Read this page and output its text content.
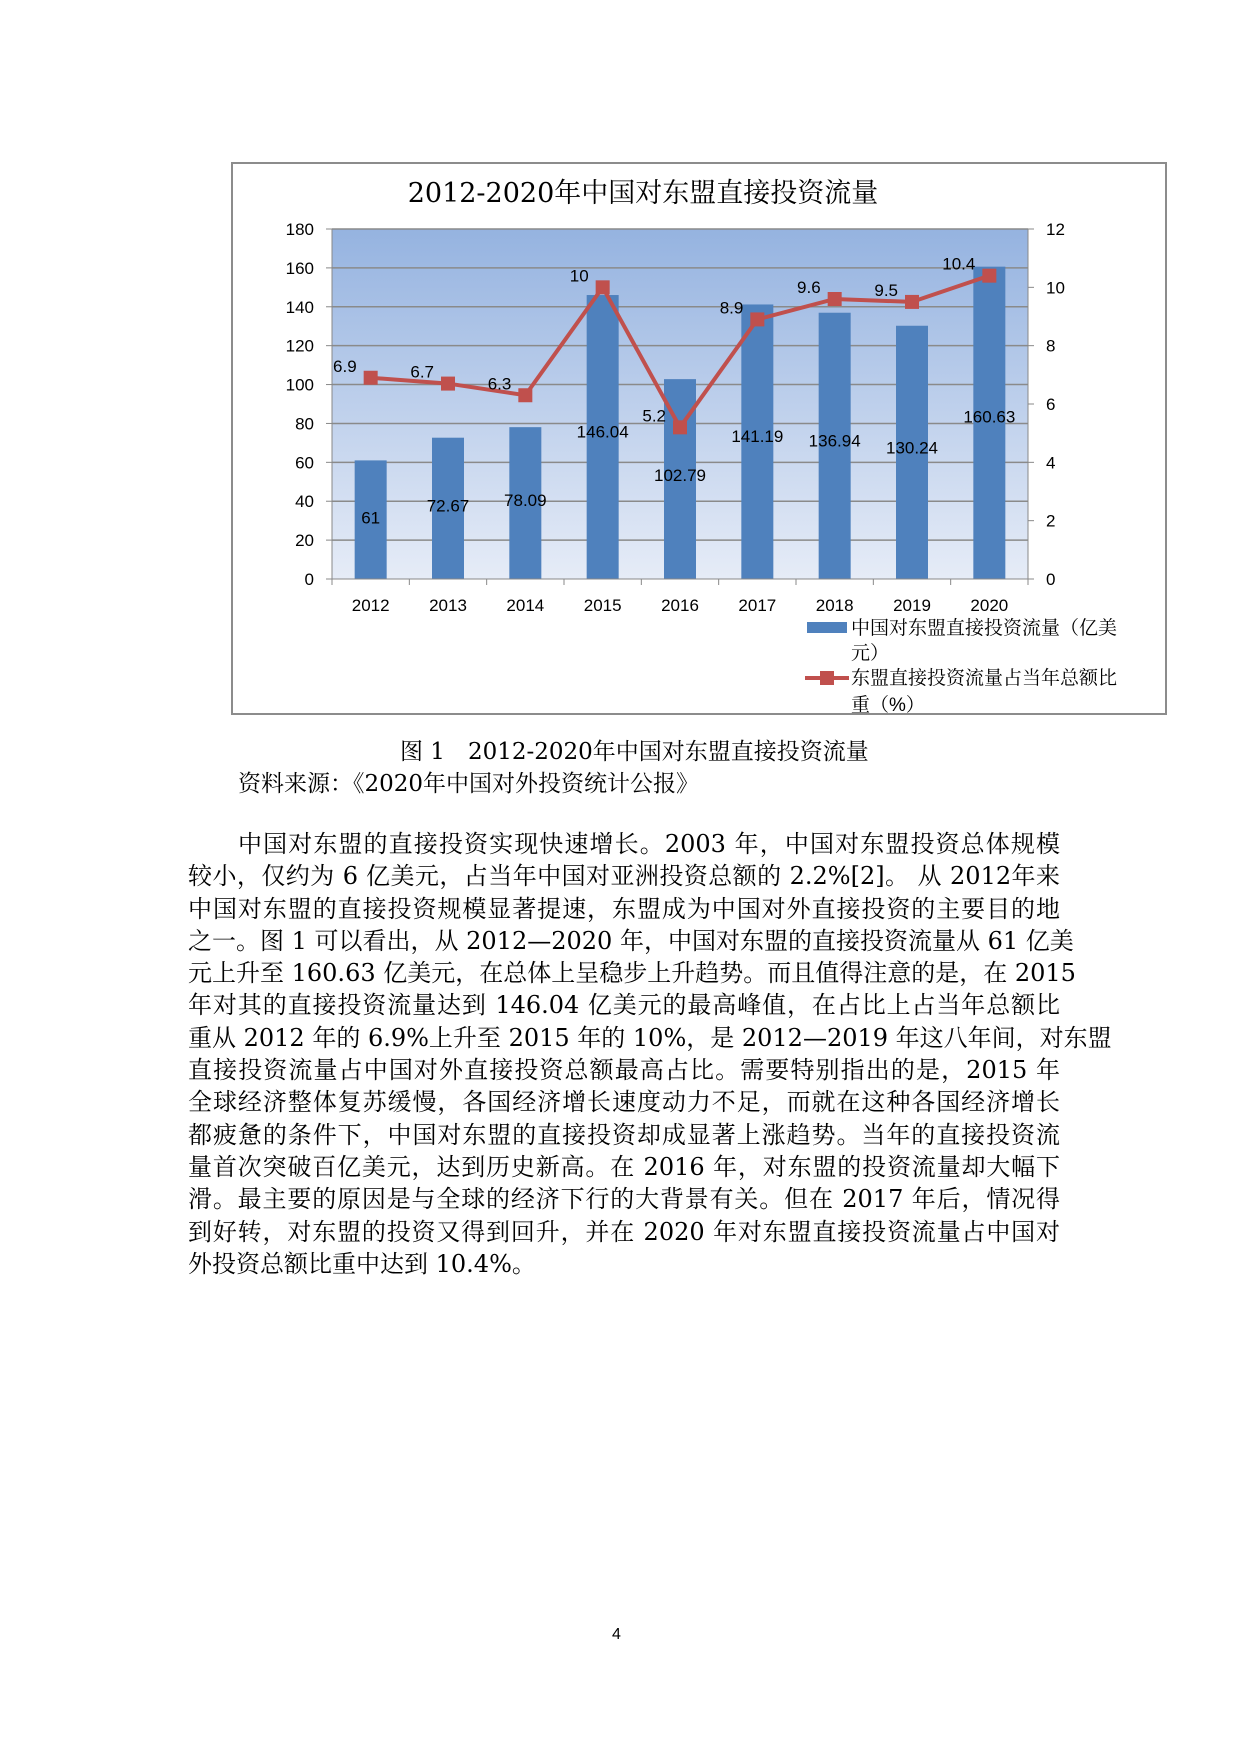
2012-2020年中国对东盟直接投资流量
0
20
40
60
80
100
120
140
160
180
0
2
4
6
8
10
12
2012 2013 2014 2015 2016 2017 2018 2019 2020
61
72.67 78.09
146.04
102.79
141.19 136.94 130.24
160.63
6.9	6.7
6.3
10
5.2
8.9
9.6	9.5
10.4
中国对东盟直接投资流量（亿美
元）
东盟直接投资流量占当年总额比
重（%）
图 1　2012-2020年中国对东盟直接投资流量
资料来源：《2020年中国对外投资统计公报》
中国对东盟的直接投资实现快速增长。2003 年，中国对东盟投资总体规模
较小，仅约为 6 亿美元，占当年中国对亚洲投资总额的 2.2%[2]。 从 2012年来
中国对东盟的直接投资规模显著提速，东盟成为中国对外直接投资的主要目的地
之一。图 1 可以看出，从 2012—2020 年，中国对东盟的直接投资流量从 61 亿美
元上升至 160.63 亿美元，在总体上呈稳步上升趋势。而且值得注意的是，在 2015
年对其的直接投资流量达到 146.04 亿美元的最高峰值，在占比上占当年总额比
重从 2012 年的 6.9%上升至 2015 年的 10%，是 2012—2019 年这八年间，对东盟
直接投资流量占中国对外直接投资总额最高占比。需要特别指出的是，2015 年
全球经济整体复苏缓慢，各国经济增长速度动力不足，而就在这种各国经济增长
都疲惫的条件下，中国对东盟的直接投资却成显著上涨趋势。当年的直接投资流
量首次突破百亿美元，达到历史新高。在 2016 年，对东盟的投资流量却大幅下
滑。最主要的原因是与全球的经济下行的大背景有关。但在 2017 年后，情况得
到好转，对东盟的投资又得到回升，并在 2020 年对东盟直接投资流量占中国对
外投资总额比重中达到 10.4%。
4
